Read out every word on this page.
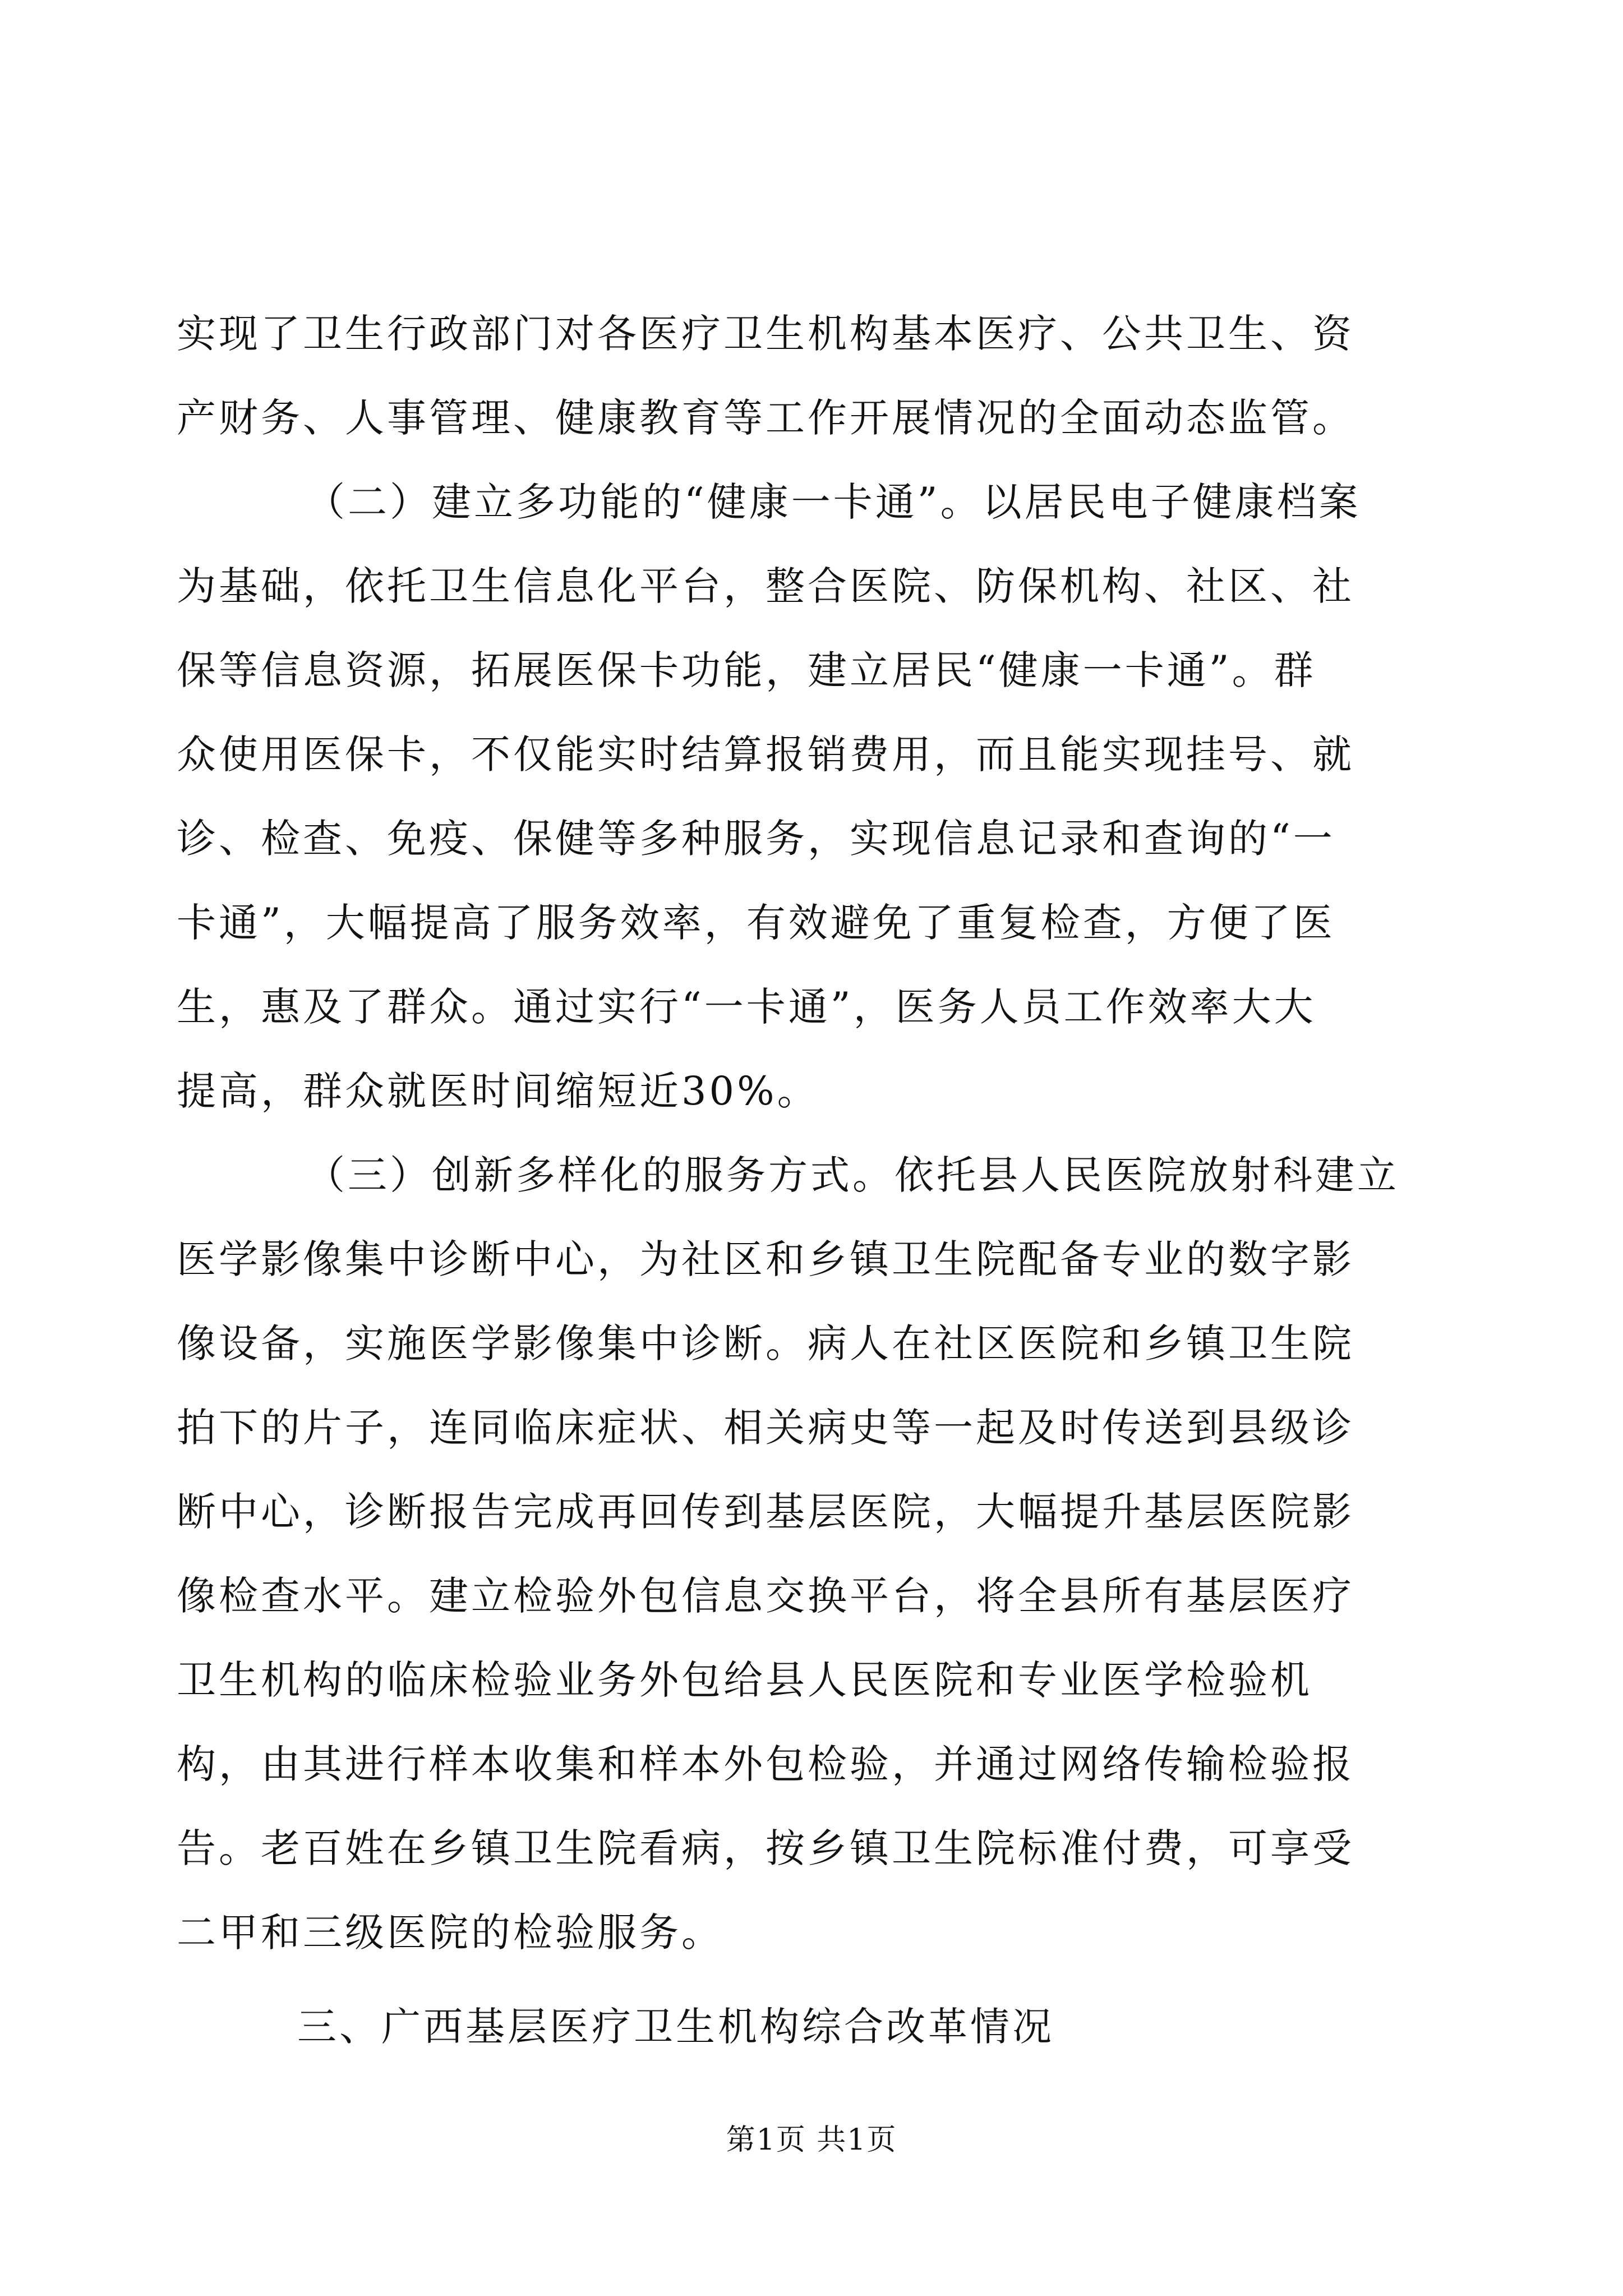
实现了卫生行政部门对各医疗卫生机构基本医疗、公共卫生、资
产财务、人事管理、健康教育等工作开展情况的全面动态监管。
（二）建立多功能的“健康一卡通”。以居民电子健康档案
为基础，依托卫生信息化平台，整合医院、防保机构、社区、社
保等信息资源，拓展医保卡功能，建立居民“健康一卡通”。群
众使用医保卡，不仅能实时结算报销费用，而且能实现挂号、就
诊、检查、免疫、保健等多种服务，实现信息记录和查询的“一
卡通”，大幅提高了服务效率，有效避免了重复检查，方便了医
生，惠及了群众。通过实行“一卡通”，医务人员工作效率大大
提高，群众就医时间缩短近30%。
（三）创新多样化的服务方式。依托县人民医院放射科建立
医学影像集中诊断中心，为社区和乡镇卫生院配备专业的数字影
像设备，实施医学影像集中诊断。病人在社区医院和乡镇卫生院
拍下的片子，连同临床症状、相关病史等一起及时传送到县级诊
断中心，诊断报告完成再回传到基层医院，大幅提升基层医院影
像检查水平。建立检验外包信息交换平台，将全县所有基层医疗
卫生机构的临床检验业务外包给县人民医院和专业医学检验机
构，由其进行样本收集和样本外包检验，并通过网络传输检验报
告。老百姓在乡镇卫生院看病，按乡镇卫生院标准付费，可享受
二甲和三级医院的检验服务。
三、广西基层医疗卫生机构综合改革情况
第1页 共1页
